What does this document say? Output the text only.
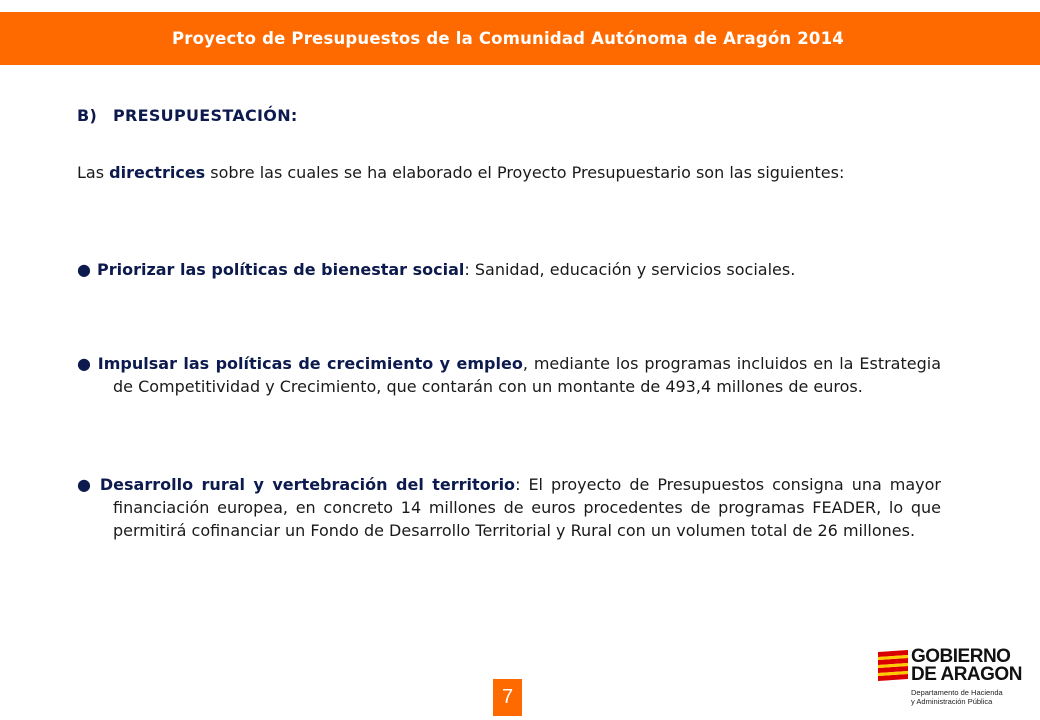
Proyecto de Presupuestos de la Comunidad Autónoma de Aragón 2014
B) PRESUPUESTACIÓN:
Las directrices sobre las cuales se ha elaborado el Proyecto Presupuestario son las siguientes:
● Priorizar las políticas de bienestar social: Sanidad, educación y servicios sociales.
● Impulsar las políticas de crecimiento y empleo, mediante los programas incluidos en la Estrategia de Competitividad y Crecimiento, que contarán con un montante de 493,4 millones de euros.
● Desarrollo rural y vertebración del territorio: El proyecto de Presupuestos consigna una mayor financiación europea, en concreto 14 millones de euros procedentes de programas FEADER, lo que permitirá cofinanciar un Fondo de Desarrollo Territorial y Rural con un volumen total de 26 millones.
7
GOBIERNO
DE ARAGON
Departamento de Hacienda
y Administración Pública
